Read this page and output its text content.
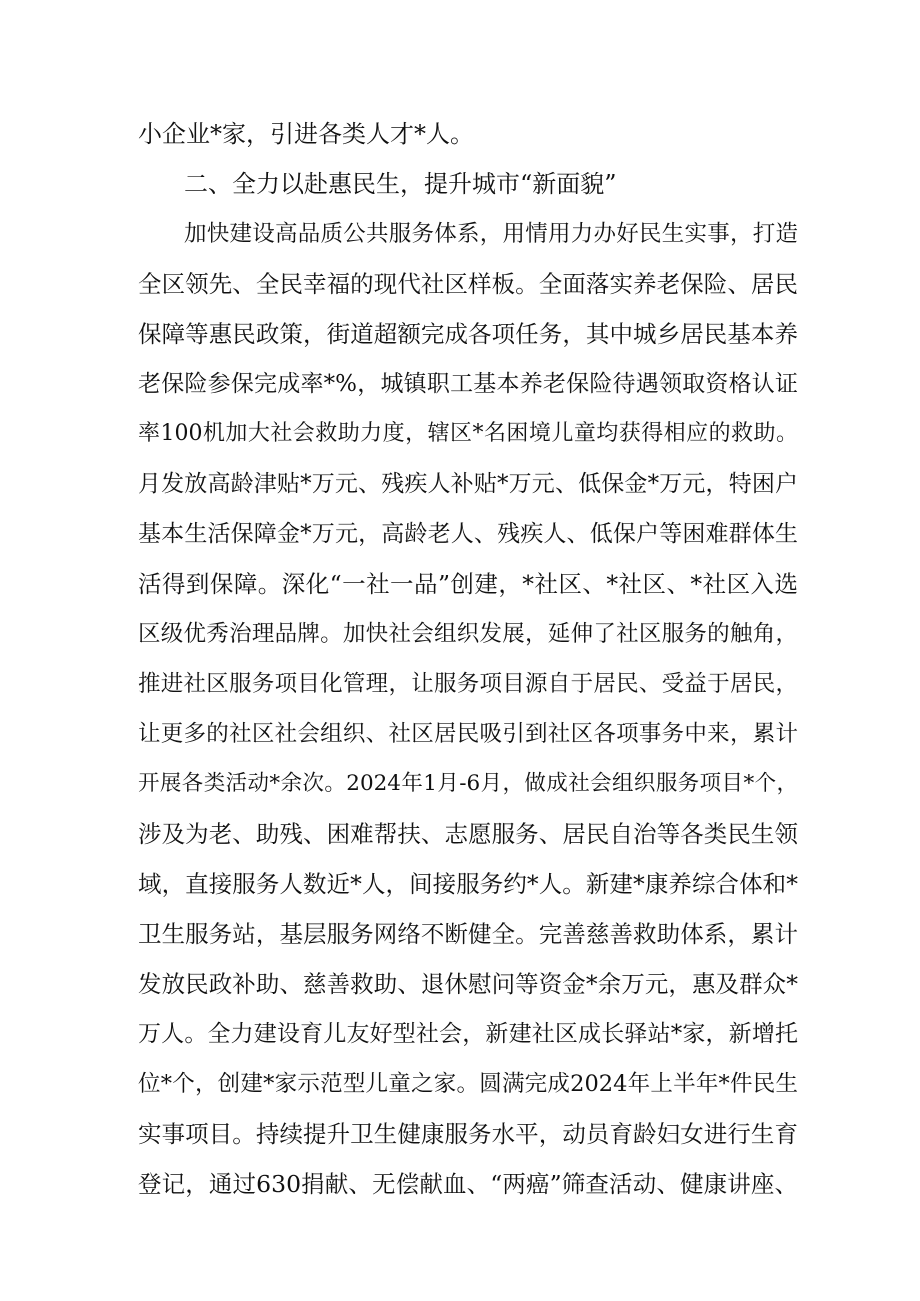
小企业*家，引进各类人才*人。
二、全力以赴惠民生，提升城市“新面貌”
加快建设高品质公共服务体系，用情用力办好民生实事，打造
全区领先、全民幸福的现代社区样板。全面落实养老保险、居民
保障等惠民政策，街道超额完成各项任务，其中城乡居民基本养
老保险参保完成率*%，城镇职工基本养老保险待遇领取资格认证
率100机加大社会救助力度，辖区*名困境儿童均获得相应的救助。
月发放高龄津贴*万元、残疾人补贴*万元、低保金*万元，特困户
基本生活保障金*万元，高龄老人、残疾人、低保户等困难群体生
活得到保障。深化“一社一品”创建，*社区、*社区、*社区入选
区级优秀治理品牌。加快社会组织发展，延伸了社区服务的触角，
推进社区服务项目化管理，让服务项目源自于居民、受益于居民，
让更多的社区社会组织、社区居民吸引到社区各项事务中来，累计
开展各类活动*余次。2024年1月-6月，做成社会组织服务项目*个，
涉及为老、助残、困难帮扶、志愿服务、居民自治等各类民生领
域，直接服务人数近*人，间接服务约*人。新建*康养综合体和*
卫生服务站，基层服务网络不断健全。完善慈善救助体系，累计
发放民政补助、慈善救助、退休慰问等资金*余万元，惠及群众*
万人。全力建设育儿友好型社会，新建社区成长驿站*家，新增托
位*个，创建*家示范型儿童之家。圆满完成2024年上半年*件民生
实事项目。持续提升卫生健康服务水平，动员育龄妇女进行生育
登记，通过630捐献、无偿献血、“两癌”筛查活动、健康讲座、
